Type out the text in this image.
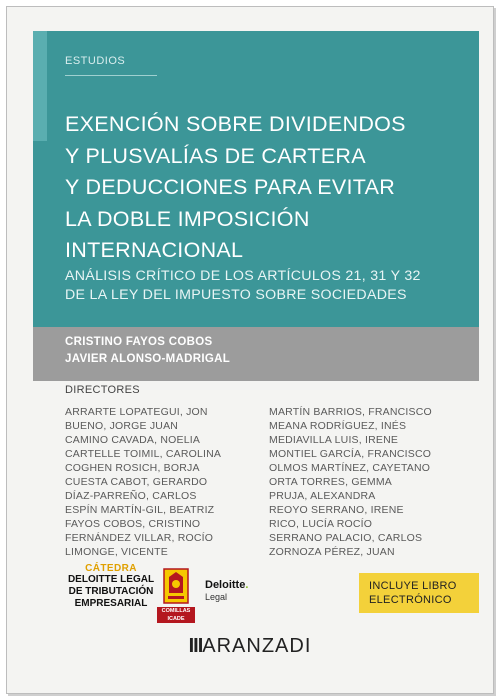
ESTUDIOS
EXENCIÓN SOBRE DIVIDENDOS
Y PLUSVALÍAS DE CARTERA
Y DEDUCCIONES PARA EVITAR
LA DOBLE IMPOSICIÓN
INTERNACIONAL
ANÁLISIS CRÍTICO DE LOS ARTÍCULOS 21, 31 Y 32
DE LA LEY DEL IMPUESTO SOBRE SOCIEDADES
CRISTINO FAYOS COBOS
JAVIER ALONSO-MADRIGAL
DIRECTORES
ARRARTE LOPATEGUI, JON
BUENO, JORGE JUAN
CAMINO CAVADA, NOELIA
CARTELLE TOIMIL, CAROLINA
COGHEN ROSICH, BORJA
CUESTA CABOT, GERARDO
DÍAZ-PARREÑO, CARLOS
ESPÍN MARTÍN-GIL, BEATRIZ
FAYOS COBOS, CRISTINO
FERNÁNDEZ VILLAR, ROCÍO
LIMONGE, VICENTE
MARTÍN BARRIOS, FRANCISCO
MEANA RODRÍGUEZ, INÉS
MEDIAVILLA LUIS, IRENE
MONTIEL GARCÍA, FRANCISCO
OLMOS MARTÍNEZ, CAYETANO
ORTA TORRES, GEMMA
PRUJA, ALEXANDRA
REOYO SERRANO, IRENE
RICO, LUCÍA ROCÍO
SERRANO PALACIO, CARLOS
ZORNOZA PÉREZ, JUAN
CÁTEDRA
DELOITTE LEGAL
DE TRIBUTACIÓN
EMPRESARIAL
COMILLAS
ICADE
Deloitte.
Legal
INCLUYE LIBRO
ELECTRÓNICO
IIIARANZADI
